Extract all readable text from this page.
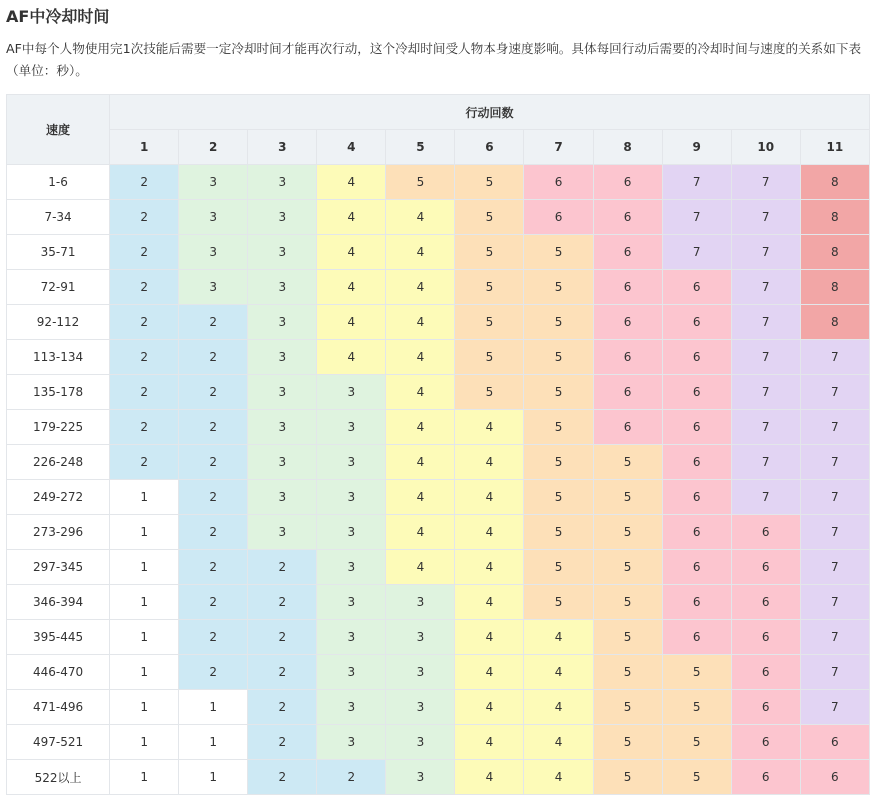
AF中冷却时间

AF中每个人物使用完1次技能后需要一定冷却时间才能再次行动，这个冷却时间受人物本身速度影响。具体每回行动后需要的冷却时间与速度的关系如下表（单位：秒）。

速度	行动回数										
	1	2	3	4	5	6	7	8	9	10	11
1-6	2	3	3	4	5	5	6	6	7	7	8
7-34	2	3	3	4	4	5	6	6	7	7	8
35-71	2	3	3	4	4	5	5	6	7	7	8
72-91	2	3	3	4	4	5	5	6	6	7	8
92-112	2	2	3	4	4	5	5	6	6	7	8
113-134	2	2	3	4	4	5	5	6	6	7	7
135-178	2	2	3	3	4	5	5	6	6	7	7
179-225	2	2	3	3	4	4	5	6	6	7	7
226-248	2	2	3	3	4	4	5	5	6	7	7
249-272	1	2	3	3	4	4	5	5	6	7	7
273-296	1	2	3	3	4	4	5	5	6	6	7
297-345	1	2	2	3	4	4	5	5	6	6	7
346-394	1	2	2	3	3	4	5	5	6	6	7
395-445	1	2	2	3	3	4	4	5	6	6	7
446-470	1	2	2	3	3	4	4	5	5	6	7
471-496	1	1	2	3	3	4	4	5	5	6	7
497-521	1	1	2	3	3	4	4	5	5	6	6
522以上	1	1	2	2	3	4	4	5	5	6	6
